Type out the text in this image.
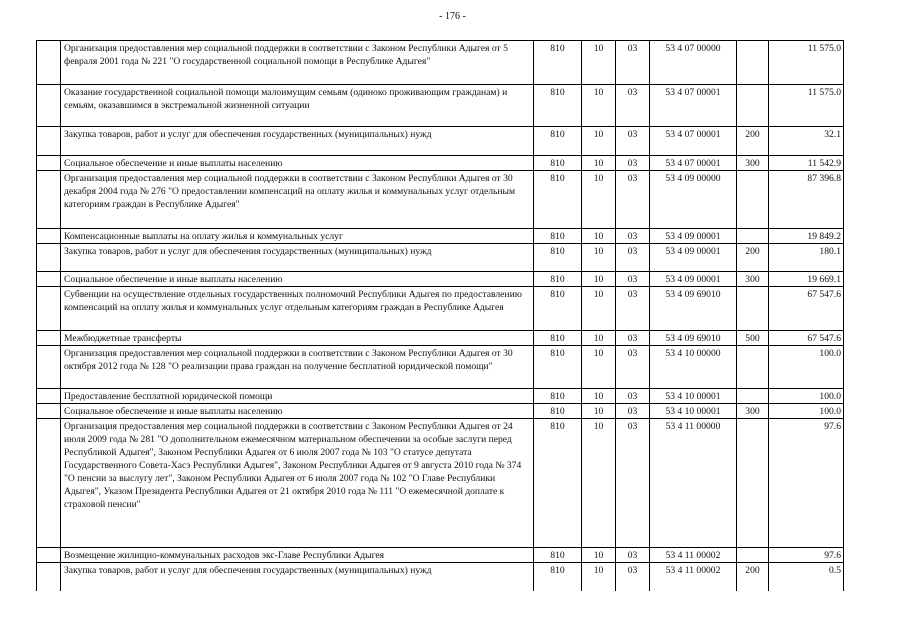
- 176 -
	Организация предоставления мер социальной поддержки в соответствии с Законом Республики Адыгея от 5 февраля 2001 года № 221 "О государственной социальной помощи в Республике Адыгея"	810	10	03	53 4 07 00000		11 575.0
	Оказание государственной социальной помощи малоимущим семьям (одиноко проживающим гражданам) и семьям, оказавшимся в экстремальной жизненной ситуации	810	10	03	53 4 07 00001		11 575.0
	Закупка товаров, работ и услуг для обеспечения государственных (муниципальных) нужд	810	10	03	53 4 07 00001	200	32.1
	Социальное обеспечение и иные выплаты населению	810	10	03	53 4 07 00001	300	11 542.9
	Организация предоставления мер социальной поддержки в соответствии с Законом Республики Адыгея от 30 декабря 2004 года № 276 "О предоставлении компенсаций на оплату жилья и коммунальных услуг отдельным категориям граждан в Республике Адыгея"	810	10	03	53 4 09 00000		87 396.8
	Компенсационные выплаты на оплату жилья и коммунальных услуг	810	10	03	53 4 09 00001		19 849.2
	Закупка товаров, работ и услуг для обеспечения государственных (муниципальных) нужд	810	10	03	53 4 09 00001	200	180.1
	Социальное обеспечение и иные выплаты населению	810	10	03	53 4 09 00001	300	19 669.1
	Субвенции на осуществление отдельных государственных полномочий Республики Адыгея по предоставлению компенсаций на оплату жилья и коммунальных услуг отдельным категориям граждан в Республике Адыгея	810	10	03	53 4 09 69010		67 547.6
	Межбюджетные трансферты	810	10	03	53 4 09 69010	500	67 547.6
	Организация предоставления мер социальной поддержки в соответствии с Законом Республики Адыгея от 30 октября 2012 года № 128 "О реализации права граждан на получение бесплатной юридической помощи"	810	10	03	53 4 10 00000		100.0
	Предоставление бесплатной юридической помощи	810	10	03	53 4 10 00001		100.0
	Социальное обеспечение и иные выплаты населению	810	10	03	53 4 10 00001	300	100.0
	Организация предоставления мер социальной поддержки в соответствии с Законом Республики Адыгея от 24 июля 2009 года № 281 "О дополнительном ежемесячном материальном обеспечении за особые заслуги перед Республикой Адыгея", Законом Республики Адыгея от 6 июля 2007 года № 103 "О статусе депутата Государственного Совета-Хасэ Республики Адыгея", Законом Республики Адыгея от 9 августа 2010 года № 374 "О пенсии за выслугу лет", Законом Республики Адыгея от 6 июля 2007 года № 102 "О Главе Республики Адыгея", Указом Президента Республики Адыгея от 21 октября 2010 года № 111 "О ежемесячной доплате к страховой пенсии"	810	10	03	53 4 11 00000		97.6
	Возмещение жилищно-коммунальных расходов экс-Главе Республики Адыгея	810	10	03	53 4 11 00002		97.6
	Закупка товаров, работ и услуг для обеспечения государственных (муниципальных) нужд	810	10	03	53 4 11 00002	200	0.5
